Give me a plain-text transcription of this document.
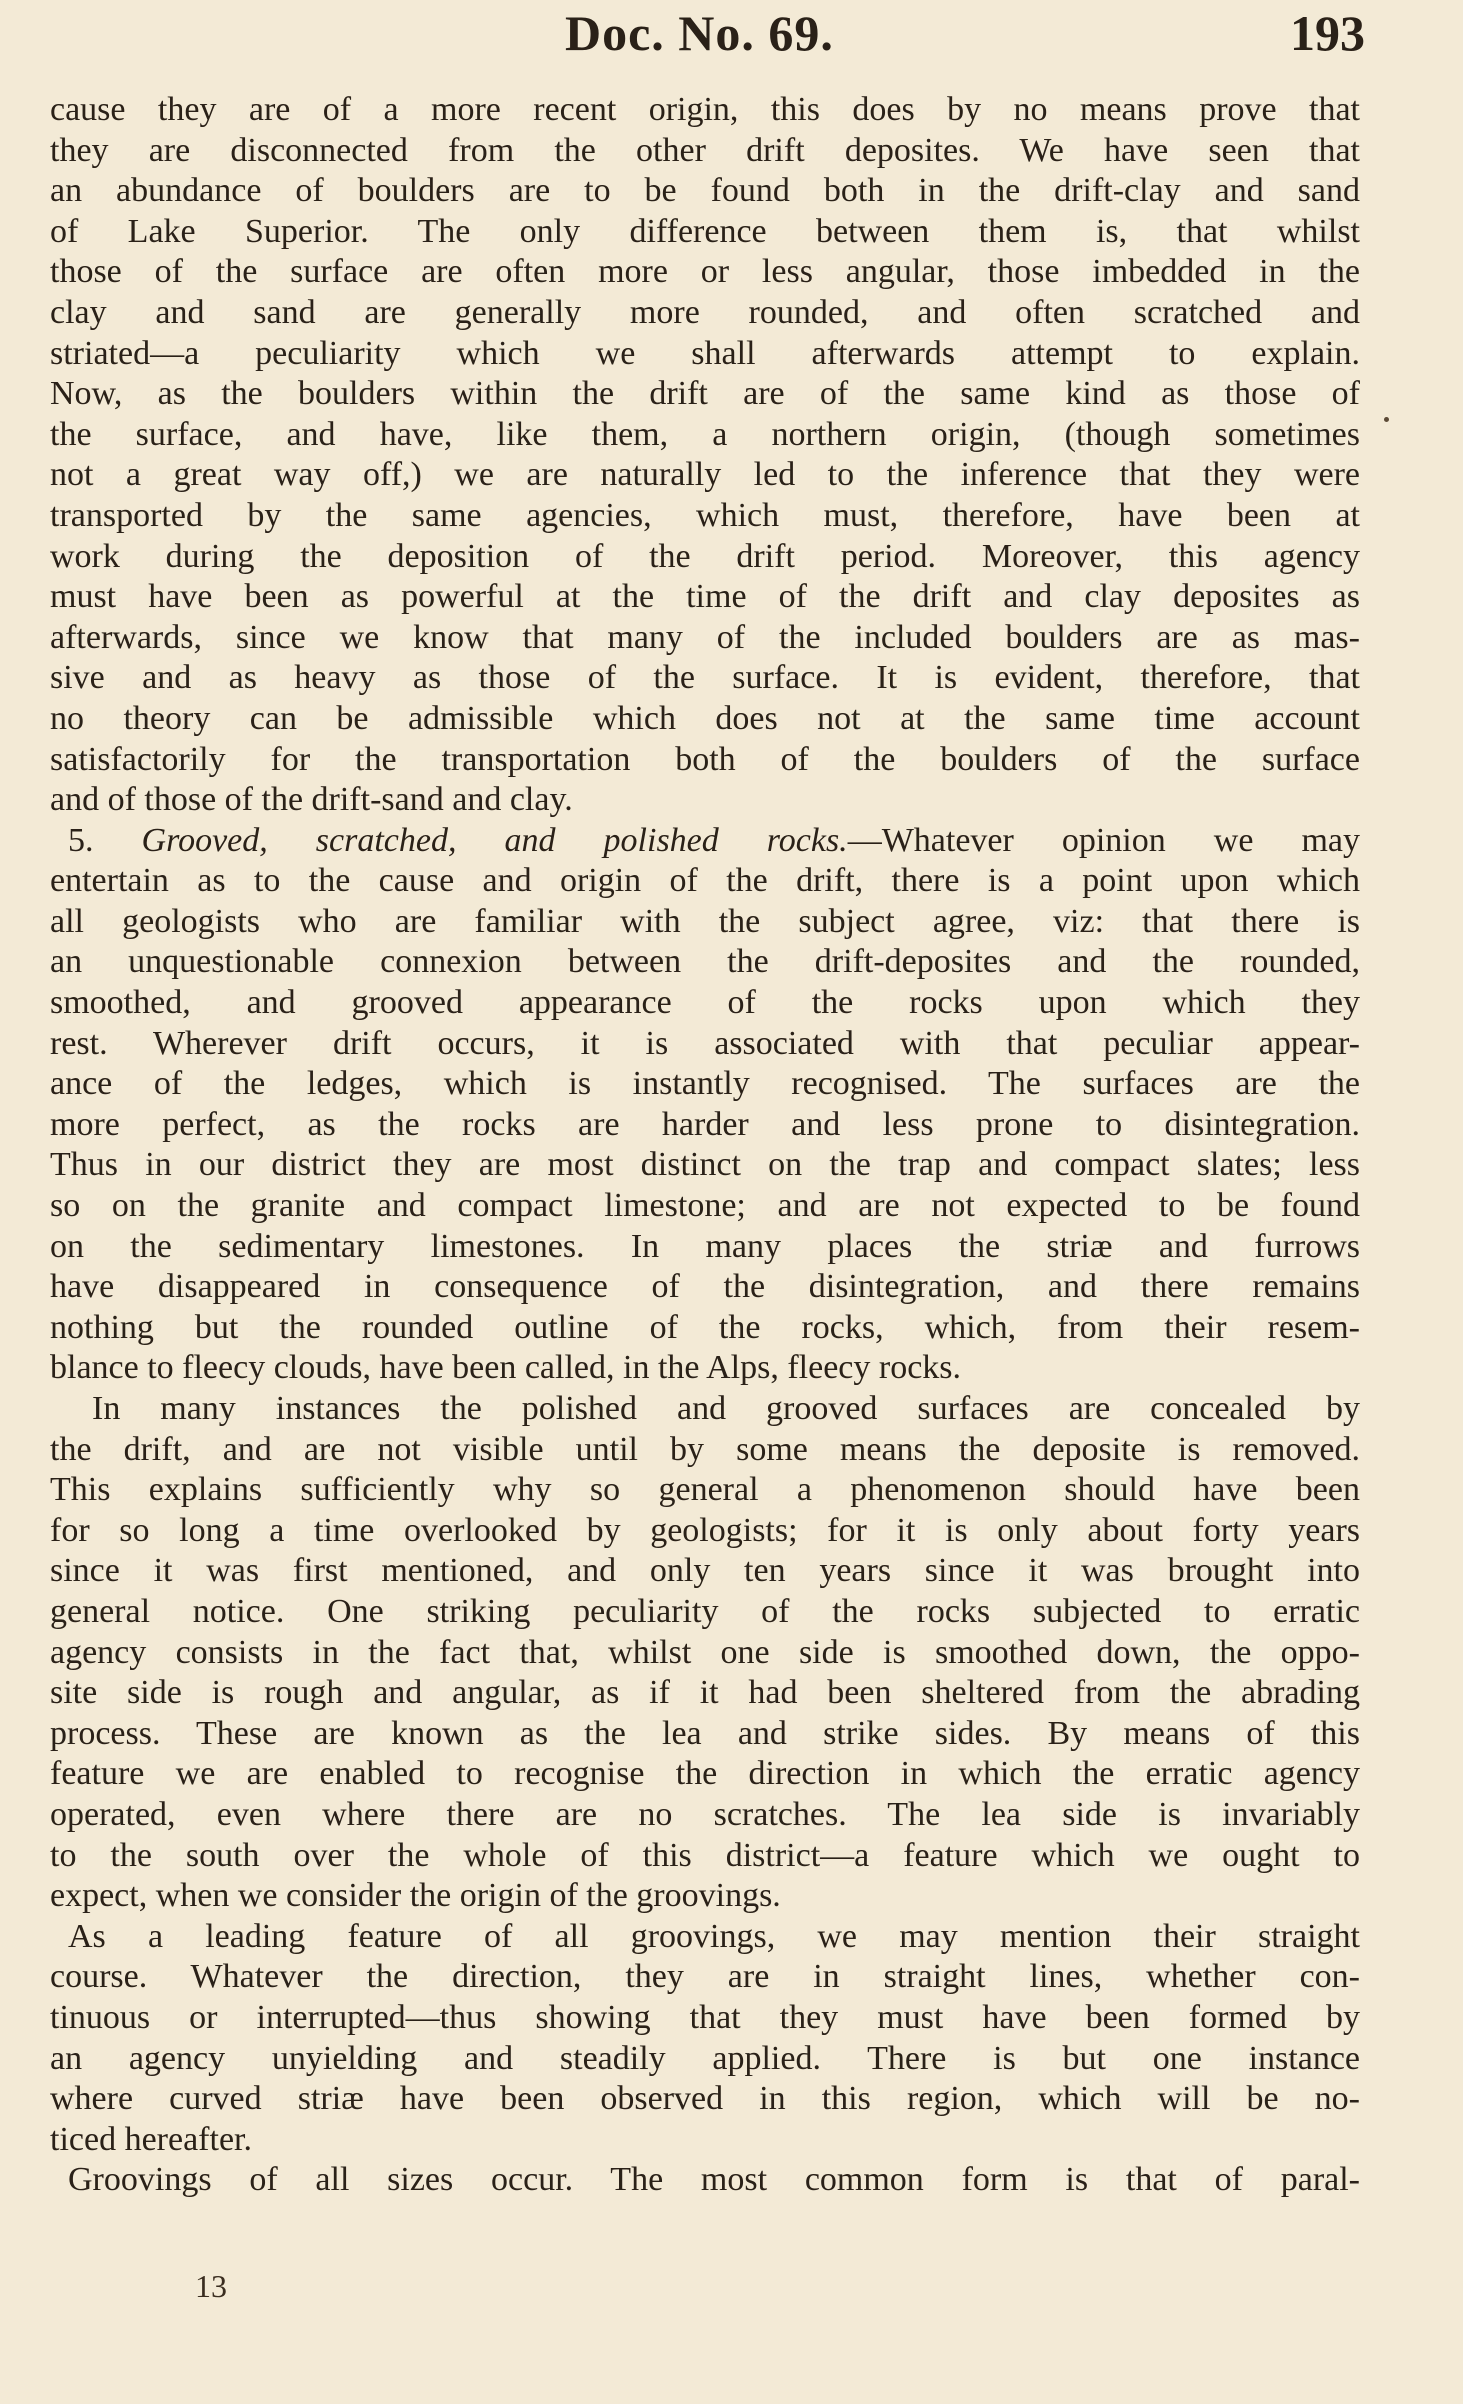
Doc. No. 69.	193
cause they are of a more recent origin, this does by no means prove that
they are disconnected from the other drift deposites. We have seen that
an abundance of boulders are to be found both in the drift-clay and sand
of Lake Superior. The only difference between them is, that whilst
those of the surface are often more or less angular, those imbedded in the
clay and sand are generally more rounded, and often scratched and
striated—a peculiarity which we shall afterwards attempt to explain.
Now, as the boulders within the drift are of the same kind as those of
the surface, and have, like them, a northern origin, (though sometimes
not a great way off,) we are naturally led to the inference that they were
transported by the same agencies, which must, therefore, have been at
work during the deposition of the drift period. Moreover, this agency
must have been as powerful at the time of the drift and clay deposites as
afterwards, since we know that many of the included boulders are as mas-
sive and as heavy as those of the surface. It is evident, therefore, that
no theory can be admissible which does not at the same time account
satisfactorily for the transportation both of the boulders of the surface
and of those of the drift-sand and clay.
5. Grooved, scratched, and polished rocks.—Whatever opinion we may
entertain as to the cause and origin of the drift, there is a point upon which
all geologists who are familiar with the subject agree, viz: that there is
an unquestionable connexion between the drift-deposites and the rounded,
smoothed, and grooved appearance of the rocks upon which they
rest. Wherever drift occurs, it is associated with that peculiar appear-
ance of the ledges, which is instantly recognised. The surfaces are the
more perfect, as the rocks are harder and less prone to disintegration.
Thus in our district they are most distinct on the trap and compact slates; less
so on the granite and compact limestone; and are not expected to be found
on the sedimentary limestones. In many places the striæ and furrows
have disappeared in consequence of the disintegration, and there remains
nothing but the rounded outline of the rocks, which, from their resem-
blance to fleecy clouds, have been called, in the Alps, fleecy rocks.
In many instances the polished and grooved surfaces are concealed by
the drift, and are not visible until by some means the deposite is removed.
This explains sufficiently why so general a phenomenon should have been
for so long a time overlooked by geologists; for it is only about forty years
since it was first mentioned, and only ten years since it was brought into
general notice. One striking peculiarity of the rocks subjected to erratic
agency consists in the fact that, whilst one side is smoothed down, the oppo-
site side is rough and angular, as if it had been sheltered from the abrading
process. These are known as the lea and strike sides. By means of this
feature we are enabled to recognise the direction in which the erratic agency
operated, even where there are no scratches. The lea side is invariably
to the south over the whole of this district—a feature which we ought to
expect, when we consider the origin of the groovings.
As a leading feature of all groovings, we may mention their straight
course. Whatever the direction, they are in straight lines, whether con-
tinuous or interrupted—thus showing that they must have been formed by
an agency unyielding and steadily applied. There is but one instance
where curved striæ have been observed in this region, which will be no-
ticed hereafter.
Groovings of all sizes occur. The most common form is that of paral-
13
